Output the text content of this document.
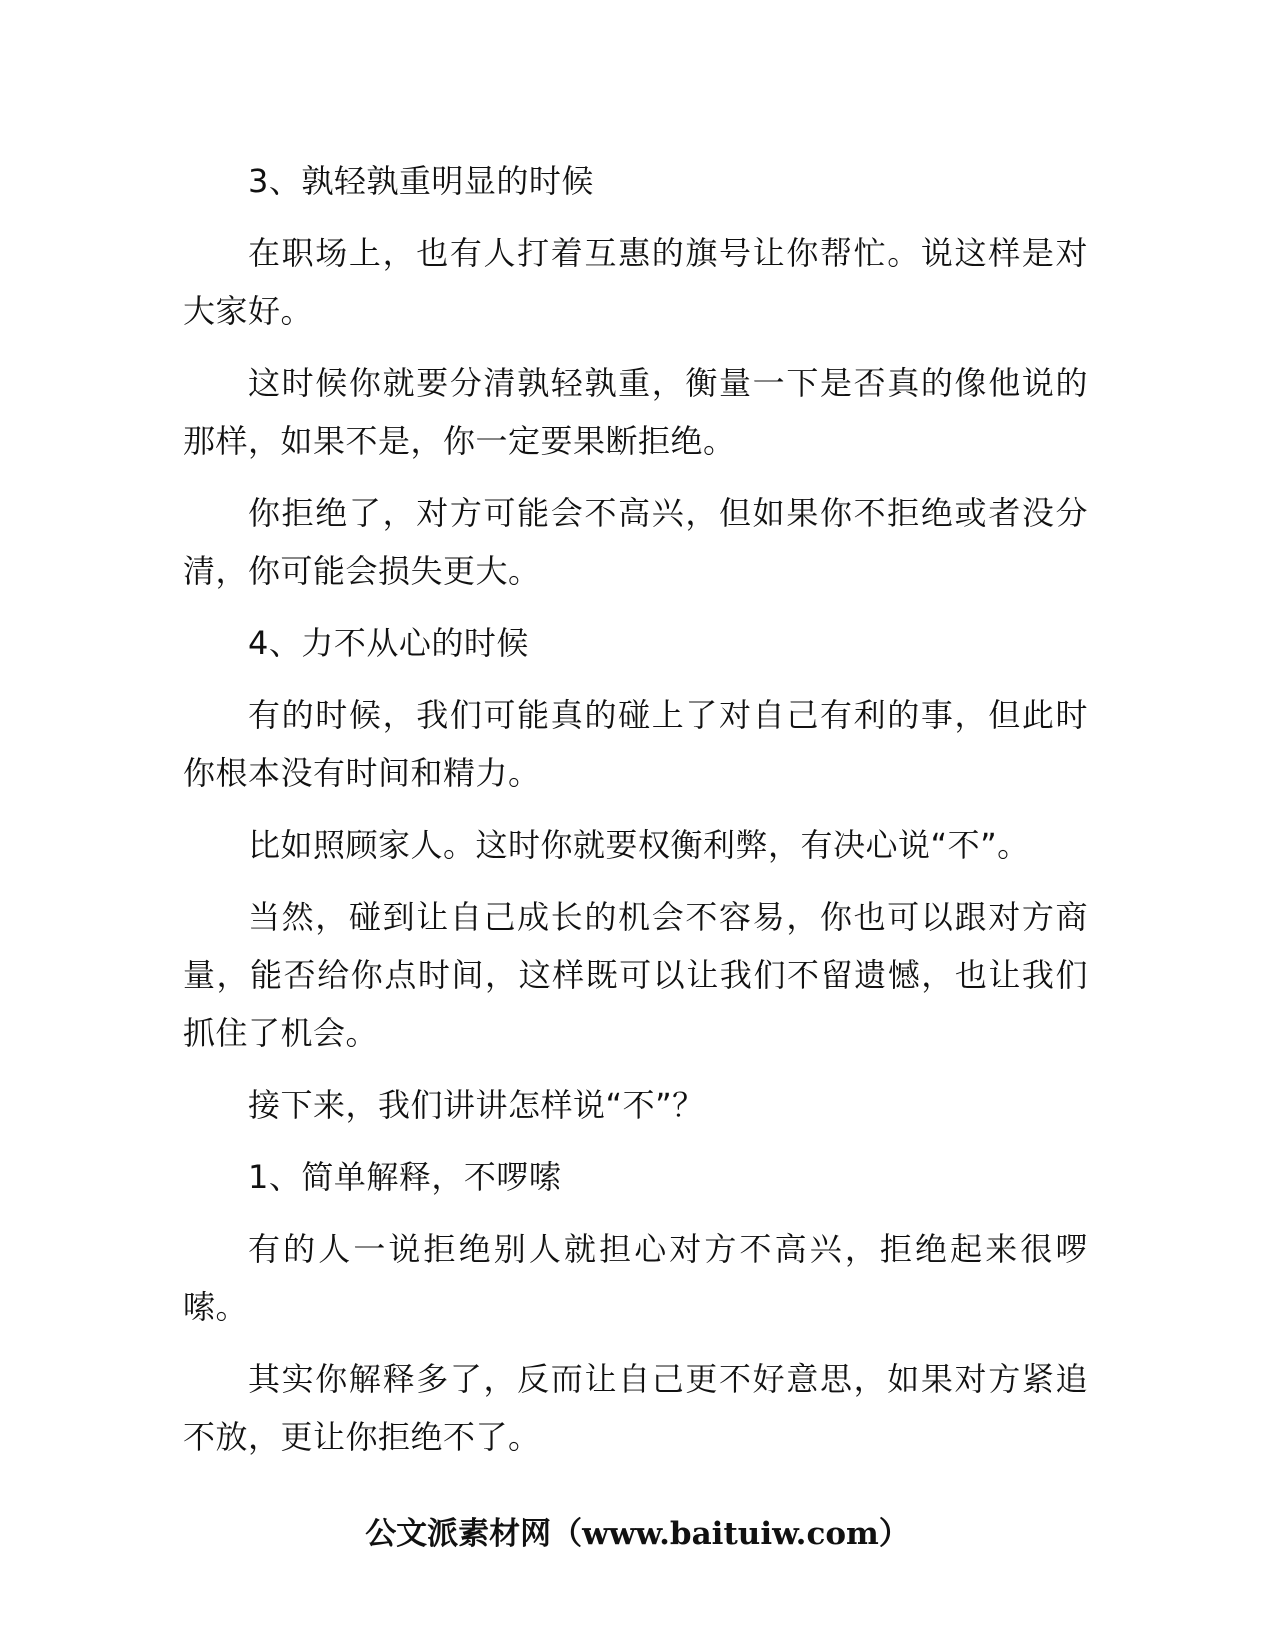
3、孰轻孰重明显的时候

在职场上，也有人打着互惠的旗号让你帮忙。说这样是对大家好。

这时候你就要分清孰轻孰重，衡量一下是否真的像他说的那样，如果不是，你一定要果断拒绝。

你拒绝了，对方可能会不高兴，但如果你不拒绝或者没分清，你可能会损失更大。

4、力不从心的时候

有的时候，我们可能真的碰上了对自己有利的事，但此时你根本没有时间和精力。

比如照顾家人。这时你就要权衡利弊，有决心说“不”。

当然，碰到让自己成长的机会不容易，你也可以跟对方商量，能否给你点时间，这样既可以让我们不留遗憾，也让我们抓住了机会。

接下来，我们讲讲怎样说“不”？

1、简单解释，不啰嗦

有的人一说拒绝别人就担心对方不高兴，拒绝起来很啰嗦。

其实你解释多了，反而让自己更不好意思，如果对方紧追不放，更让你拒绝不了。

公文派素材网（www.baituiw.com）
